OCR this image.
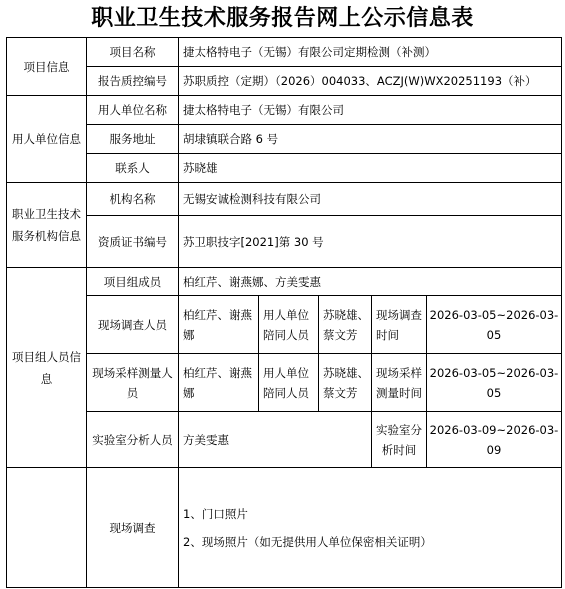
职业卫生技术服务报告网上公示信息表
项目信息	项目名称	捷太格特电子（无锡）有限公司定期检测（补测）				
	报告质控编号	苏职质控（定期）（2026）004033、ACZJ(W)WX20251193（补）				
用人单位信息	用人单位名称	捷太格特电子（无锡）有限公司				
	服务地址	胡埭镇联合路 6 号				
	联系人	苏晓雄				
职业卫生技术服务机构信息	机构名称	无锡安诚检测科技有限公司				
	资质证书编号	苏卫职技字[2021]第 30 号				
项目组人员信息	项目组成员	柏红芹、谢燕娜、方美雯惠				
	现场调查人员	柏红芹、谢燕娜	用人单位陪同人员	苏晓雄、蔡文芳	现场调查时间	2026-03-05~2026-03-05
	现场采样测量人员	柏红芹、谢燕娜	用人单位陪同人员	苏晓雄、蔡文芳	现场采样测量时间	2026-03-05~2026-03-05
	实验室分析人员	方美雯惠			实验室分析时间	2026-03-09~2026-03-09
	现场调查	1、门口照片
2、现场照片（如无提供用人单位保密相关证明）				
